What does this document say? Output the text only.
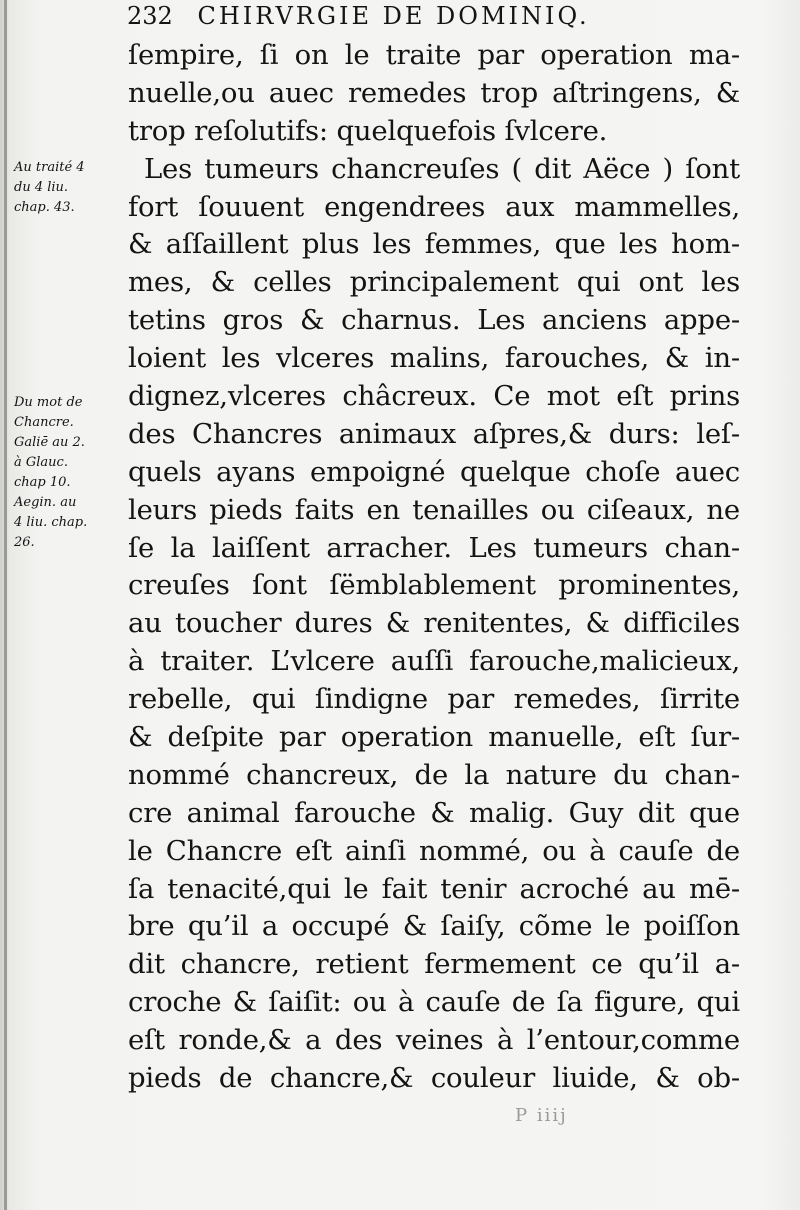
232 CHIRVRGIE DE DOMINIQ.
Au traité 4
du 4 liu.
chap. 43.
Du mot de
Chancre.
Galiē au 2.
à Glauc.
chap 10.
Aegin. au
4 liu. chap.
26.
ſempire, ſi on le traite par operation ma-
nuelle,ou auec remedes trop aſtringens, &
trop reſolutifs: quelquefois ſvlcere.
Les tumeurs chancreuſes ( dit Aëce ) ſont
fort ſouuent engendrees aux mammelles,
& aſſaillent plus les femmes, que les hom-
mes, & celles principalement qui ont les
tetins gros & charnus. Les anciens appe-
loient les vlceres malins, farouches, & in-
dignez,vlceres châcreux. Ce mot eſt prins
des Chancres animaux aſpres,& durs: leſ-
quels ayans empoigné quelque choſe auec
leurs pieds faits en tenailles ou ciſeaux, ne
ſe la laiſſent arracher. Les tumeurs chan-
creuſes ſont ſëmblablement prominentes,
au toucher dures & renitentes, & difficiles
à traiter. L’vlcere auſſi farouche,malicieux,
rebelle, qui ſindigne par remedes, ſirrite
& deſpite par operation manuelle, eſt ſur-
nommé chancreux, de la nature du chan-
cre animal farouche & malig. Guy dit que
le Chancre eſt ainſi nommé, ou à cauſe de
ſa tenacité,qui le fait tenir acroché au mē-
bre qu’il a occupé & ſaiſy, cõme le poiſſon
dit chancre, retient fermement ce qu’il a-
croche & ſaiſit: ou à cauſe de ſa figure, qui
eſt ronde,& a des veines à l’entour,comme
pieds de chancre,& couleur liuide, & ob-
P iiij
